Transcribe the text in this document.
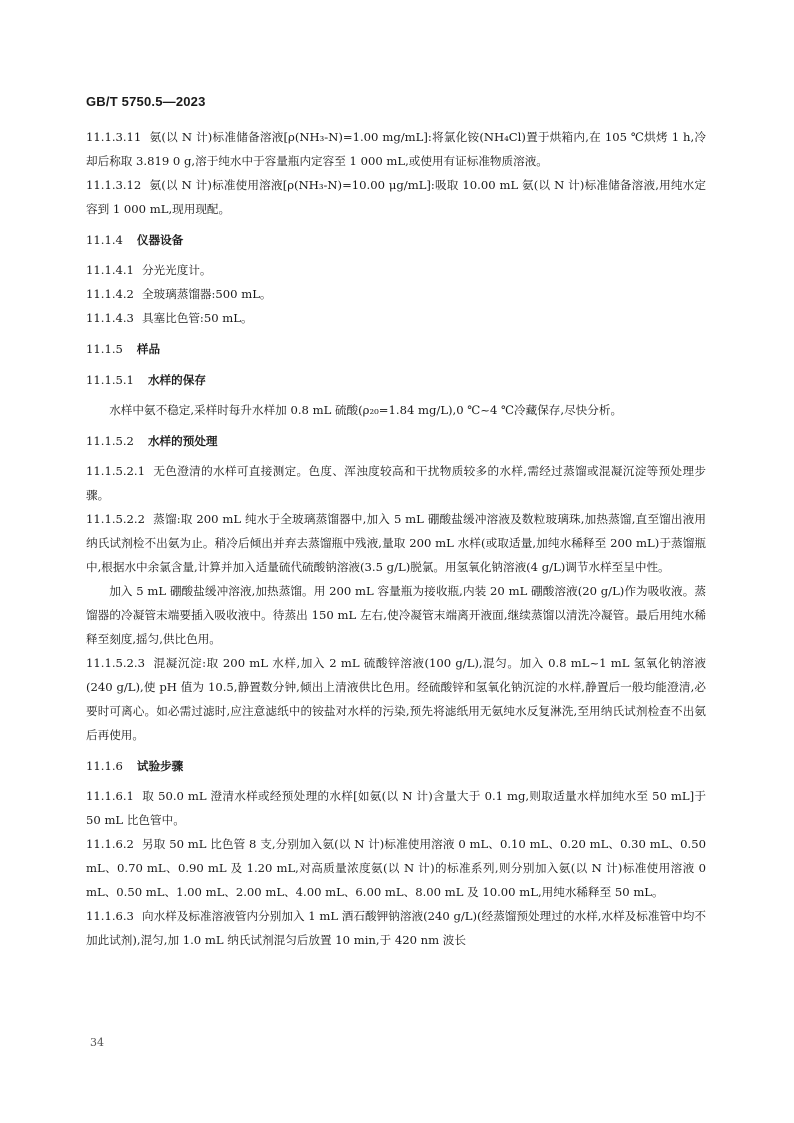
GB/T 5750.5—2023

11.1.3.11 氨(以 N 计)标准储备溶液[ρ(NH₃-N)=1.00 mg/mL]:将氯化铵(NH₄Cl)置于烘箱内,在 105 ℃烘烤 1 h,冷却后称取 3.819 0 g,溶于纯水中于容量瓶内定容至 1 000 mL,或使用有证标准物质溶液。

11.1.3.12 氨(以 N 计)标准使用溶液[ρ(NH₃-N)=10.00 μg/mL]:吸取 10.00 mL 氨(以 N 计)标准储备溶液,用纯水定容到 1 000 mL,现用现配。

11.1.4 仪器设备

11.1.4.1 分光光度计。

11.1.4.2 全玻璃蒸馏器:500 mL。

11.1.4.3 具塞比色管:50 mL。

11.1.5 样品
11.1.5.1 水样的保存

水样中氨不稳定,采样时每升水样加 0.8 mL 硫酸(ρ₂₀=1.84 mg/L),0 ℃~4 ℃冷藏保存,尽快分析。

11.1.5.2 水样的预处理

11.1.5.2.1 无色澄清的水样可直接测定。色度、浑浊度较高和干扰物质较多的水样,需经过蒸馏或混凝沉淀等预处理步骤。

11.1.5.2.2 蒸馏:取 200 mL 纯水于全玻璃蒸馏器中,加入 5 mL 硼酸盐缓冲溶液及数粒玻璃珠,加热蒸馏,直至馏出液用纳氏试剂检不出氨为止。稍冷后倾出并弃去蒸馏瓶中残液,量取 200 mL 水样(或取适量,加纯水稀释至 200 mL)于蒸馏瓶中,根据水中余氯含量,计算并加入适量硫代硫酸钠溶液(3.5 g/L)脱氯。用氢氧化钠溶液(4 g/L)调节水样至呈中性。

加入 5 mL 硼酸盐缓冲溶液,加热蒸馏。用 200 mL 容量瓶为接收瓶,内装 20 mL 硼酸溶液(20 g/L)作为吸收液。蒸馏器的冷凝管末端要插入吸收液中。待蒸出 150 mL 左右,使冷凝管末端离开液面,继续蒸馏以清洗冷凝管。最后用纯水稀释至刻度,摇匀,供比色用。

11.1.5.2.3 混凝沉淀:取 200 mL 水样,加入 2 mL 硫酸锌溶液(100 g/L),混匀。加入 0.8 mL~1 mL 氢氧化钠溶液(240 g/L),使 pH 值为 10.5,静置数分钟,倾出上清液供比色用。经硫酸锌和氢氧化钠沉淀的水样,静置后一般均能澄清,必要时可离心。如必需过滤时,应注意滤纸中的铵盐对水样的污染,预先将滤纸用无氨纯水反复淋洗,至用纳氏试剂检查不出氨后再使用。

11.1.6 试验步骤

11.1.6.1 取 50.0 mL 澄清水样或经预处理的水样[如氨(以 N 计)含量大于 0.1 mg,则取适量水样加纯水至 50 mL]于 50 mL 比色管中。

11.1.6.2 另取 50 mL 比色管 8 支,分别加入氨(以 N 计)标准使用溶液 0 mL、0.10 mL、0.20 mL、0.30 mL、0.50 mL、0.70 mL、0.90 mL 及 1.20 mL,对高质量浓度氨(以 N 计)的标准系列,则分别加入氨(以 N 计)标准使用溶液 0 mL、0.50 mL、1.00 mL、2.00 mL、4.00 mL、6.00 mL、8.00 mL 及 10.00 mL,用纯水稀释至 50 mL。

11.1.6.3 向水样及标准溶液管内分别加入 1 mL 酒石酸钾钠溶液(240 g/L)(经蒸馏预处理过的水样,水样及标准管中均不加此试剂),混匀,加 1.0 mL 纳氏试剂混匀后放置 10 min,于 420 nm 波长

34
